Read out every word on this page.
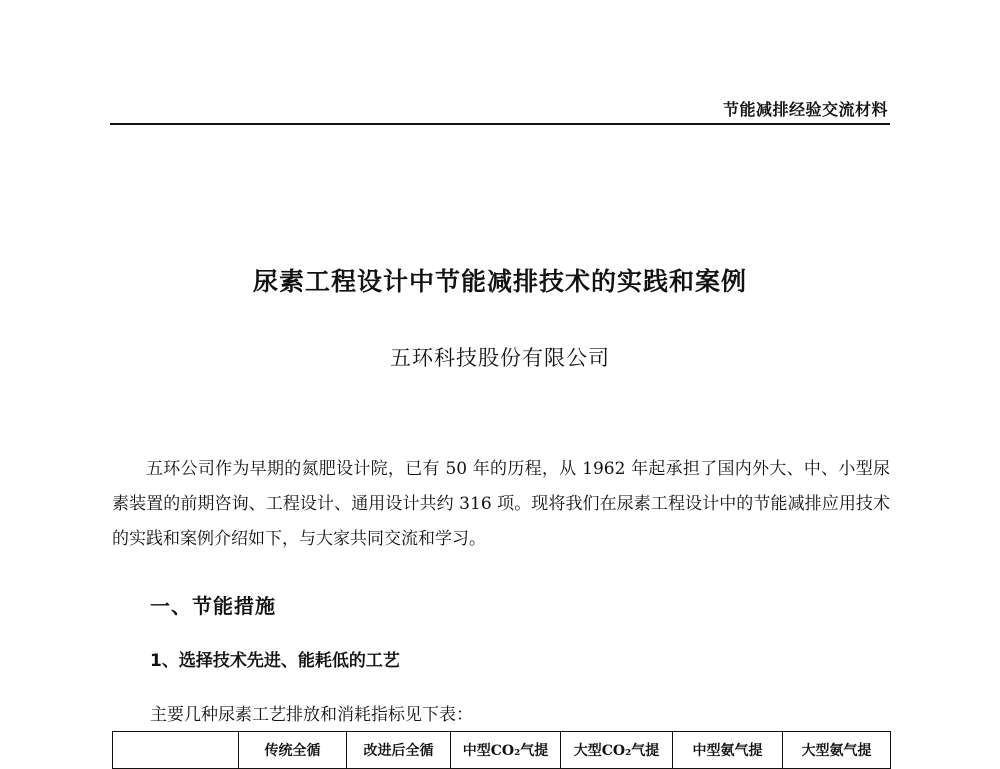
节能减排经验交流材料
尿素工程设计中节能减排技术的实践和案例
五环科技股份有限公司

五环公司作为早期的氮肥设计院，已有 50 年的历程，从 1962 年起承担了国内外大、中、小型尿素装置的前期咨询、工程设计、通用设计共约 316 项。现将我们在尿素工程设计中的节能减排应用技术的实践和案例介绍如下，与大家共同交流和学习。

一、节能措施
1、选择技术先进、能耗低的工艺
主要几种尿素工艺排放和消耗指标见下表：
	传统全循	改进后全循	中型CO₂气提	大型CO₂气提	中型氨气提	大型氨气提
